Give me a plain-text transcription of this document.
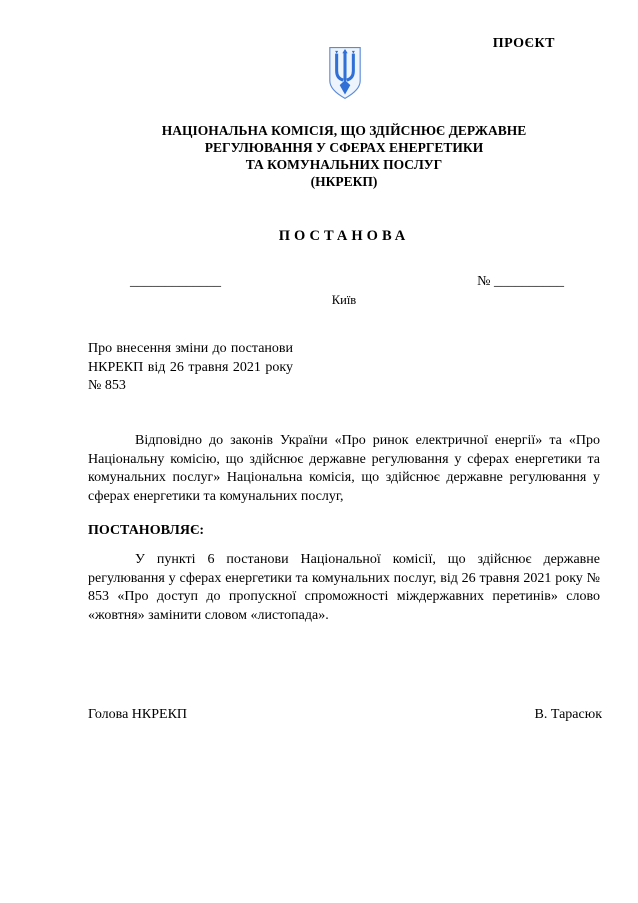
ПРОЄКТ
НАЦІОНАЛЬНА КОМІСІЯ, ЩО ЗДІЙСНЮЄ ДЕРЖАВНЕ
РЕГУЛЮВАННЯ У СФЕРАХ ЕНЕРГЕТИКИ
ТА КОМУНАЛЬНИХ ПОСЛУГ
(НКРЕКП)
ПОСТАНОВА
_____________	№ __________
Київ
Про внесення зміни до постанови НКРЕКП від 26 травня 2021 року № 853
Відповідно до законів України «Про ринок електричної енергії» та «Про Національну комісію, що здійснює державне регулювання у сферах енергетики та комунальних послуг» Національна комісія, що здійснює державне регулювання у сферах енергетики та комунальних послуг,
ПОСТАНОВЛЯЄ:
У пункті 6 постанови Національної комісії, що здійснює державне регулювання у сферах енергетики та комунальних послуг, від 26 травня 2021 року № 853 «Про доступ до пропускної спроможності міждержавних перетинів» слово «жовтня» замінити словом «листопада».
Голова НКРЕКП	В. Тарасюк
